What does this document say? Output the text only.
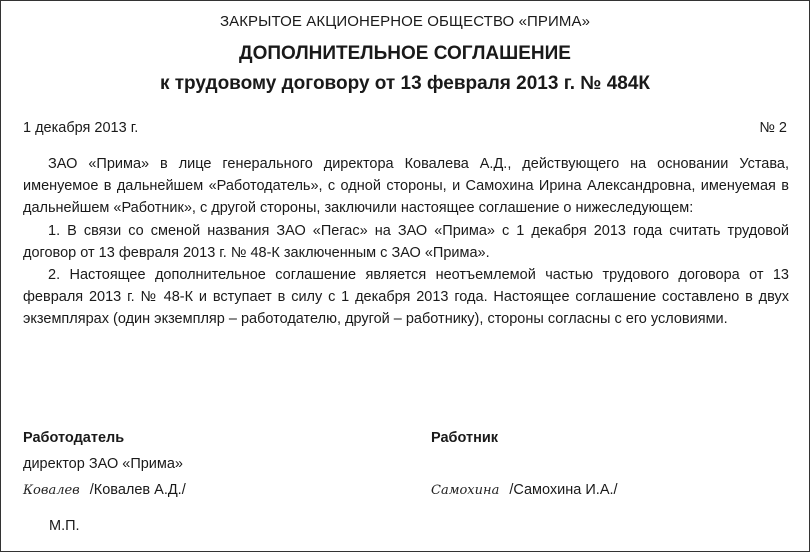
ЗАКРЫТОЕ АКЦИОНЕРНОЕ ОБЩЕСТВО «ПРИМА»
ДОПОЛНИТЕЛЬНОЕ СОГЛАШЕНИЕ
к трудовому договору от 13 февраля 2013 г. № 484К
1 декабря 2013 г.	№ 2

ЗАО «Прима» в лице генерального директора Ковалева А.Д., действующего на основании Устава, именуемое в дальнейшем «Работодатель», с одной стороны, и Самохина Ирина Александровна, именуемая в дальнейшем «Работник», с другой стороны, заключили настоящее соглашение о нижеследующем:

1. В связи со сменой названия ЗАО «Пегас» на ЗАО «Прима» с 1 декабря 2013 года считать трудовой договор от 13 февраля 2013 г. № 48-К заключенным с ЗАО «Прима».

2. Настоящее дополнительное соглашение является неотъемлемой частью трудового договора от 13 февраля 2013 г. № 48-К и вступает в силу с 1 декабря 2013 года. Настоящее соглашение составлено в двух экземплярах (один экземпляр – работодателю, другой – работнику), стороны согласны с его условиями.

Работодатель	Работник
директор ЗАО «Прима»
Ковалев /Ковалев А.Д./	Самохина /Самохина И.А./
М.П.
